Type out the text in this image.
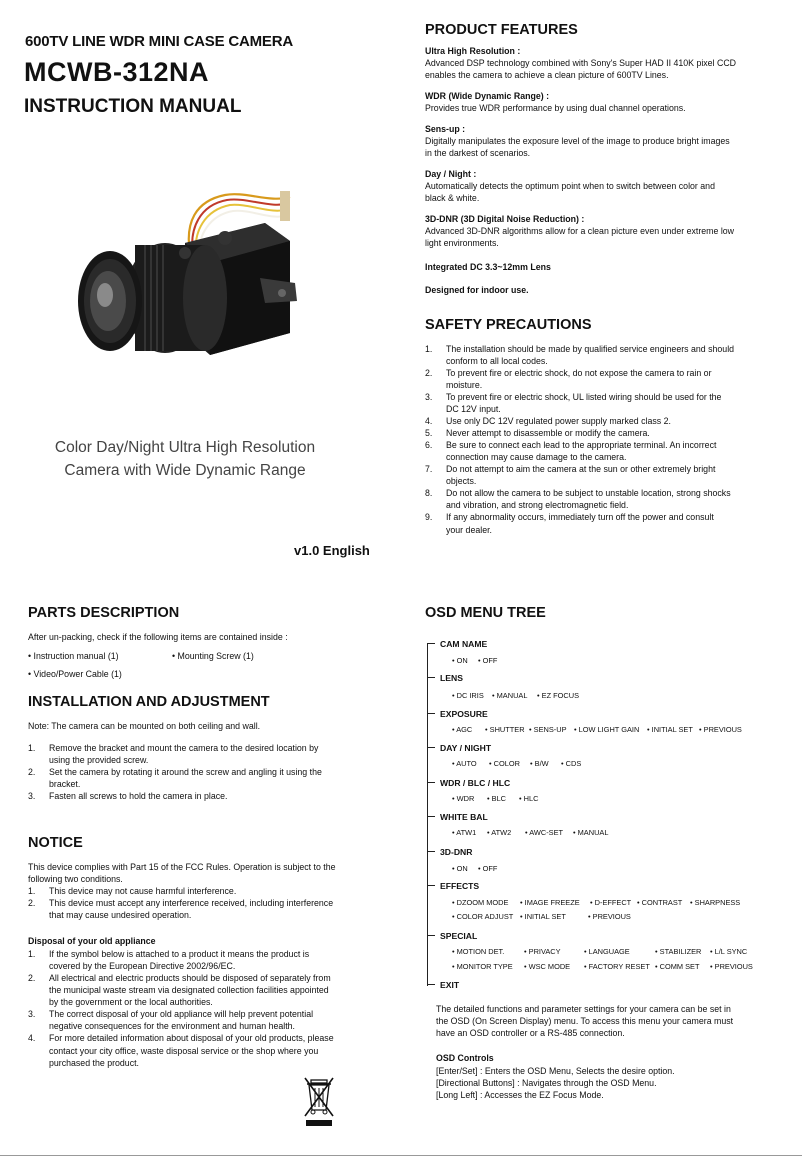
600TV LINE WDR MINI CASE CAMERA
MCWB-312NA
INSTRUCTION MANUAL
Color Day/Night Ultra High Resolution
Camera with Wide Dynamic Range
v1.0 English
PRODUCT FEATURES
Ultra High Resolution :
Advanced DSP technology combined with Sony's Super HAD II 410K pixel CCD
enables the camera to achieve a clean picture of 600TV Lines.
WDR (Wide Dynamic Range) :
Provides true WDR performance by using dual channel operations.
Sens-up :
Digitally manipulates the exposure level of the image to produce bright images
in the darkest of scenarios.
Day / Night :
Automatically detects the optimum point when to switch between color and
black & white.
3D-DNR (3D Digital Noise Reduction) :
Advanced 3D-DNR algorithms allow for a clean picture even under extreme low
light environments.
Integrated DC 3.3~12mm Lens
Designed for indoor use.
SAFETY PRECAUTIONS
1. The installation should be made by qualified service engineers and should
conform to all local codes.
2. To prevent fire or electric shock, do not expose the camera to rain or
moisture.
3. To prevent fire or electric shock, UL listed wiring should be used for the
DC 12V input.
4. Use only DC 12V regulated power supply marked class 2.
5. Never attempt to disassemble or modify the camera.
6. Be sure to connect each lead to the appropriate terminal. An incorrect
connection may cause damage to the camera.
7. Do not attempt to aim the camera at the sun or other extremely bright
objects.
8. Do not allow the camera to be subject to unstable location, strong shocks
and vibration, and strong electromagnetic field.
9. If any abnormality occurs, immediately turn off the power and consult
your dealer.
PARTS DESCRIPTION
After un-packing, check if the following items are contained inside :
• Instruction manual (1)	• Mounting Screw (1)
• Video/Power Cable (1)
INSTALLATION AND ADJUSTMENT
Note: The camera can be mounted on both ceiling and wall.
1. Remove the bracket and mount the camera to the desired location by
using the provided screw.
2. Set the camera by rotating it around the screw and angling it using the
bracket.
3. Fasten all screws to hold the camera in place.
NOTICE
This device complies with Part 15 of the FCC Rules. Operation is subject to the
following two conditions.
1. This device may not cause harmful interference.
2. This device must accept any interference received, including interference
that may cause undesired operation.
Disposal of your old appliance
1. If the symbol below is attached to a product it means the product is
covered by the European Directive 2002/96/EC.
2. All electrical and electric products should be disposed of separately from
the municipal waste stream via designated collection facilities appointed
by the government or the local authorities.
3. The correct disposal of your old appliance will help prevent potential
negative consequences for the environment and human health.
4. For more detailed information about disposal of your old products, please
contact your city office, waste disposal service or the shop where you
purchased the product.
OSD MENU TREE
CAM NAME
• ON • OFF
LENS
• DC IRIS • MANUAL • EZ FOCUS
EXPOSURE
• AGC • SHUTTER • SENS-UP • LOW LIGHT GAIN • INITIAL SET • PREVIOUS
DAY / NIGHT
• AUTO • COLOR • B/W • CDS
WDR / BLC / HLC
• WDR • BLC • HLC
WHITE BAL
• ATW1 • ATW2 • AWC-SET • MANUAL
3D-DNR
• ON • OFF
EFFECTS
• DZOOM MODE • IMAGE FREEZE • D-EFFECT • CONTRAST • SHARPNESS
• COLOR ADJUST • INITIAL SET	• PREVIOUS
SPECIAL
• MOTION DET.	• PRIVACY	• LANGUAGE	• STABILIZER • L/L SYNC
• MONITOR TYPE • WSC MODE • FACTORY RESET • COMM SET • PREVIOUS
EXIT
The detailed functions and parameter settings for your camera can be set in
the OSD (On Screen Display) menu. To access this menu your camera must
have an OSD controller or a RS-485 connection.
OSD Controls
[Enter/Set] : Enters the OSD Menu, Selects the desire option.
[Directional Buttons] : Navigates through the OSD Menu.
[Long Left] : Accesses the EZ Focus Mode.
